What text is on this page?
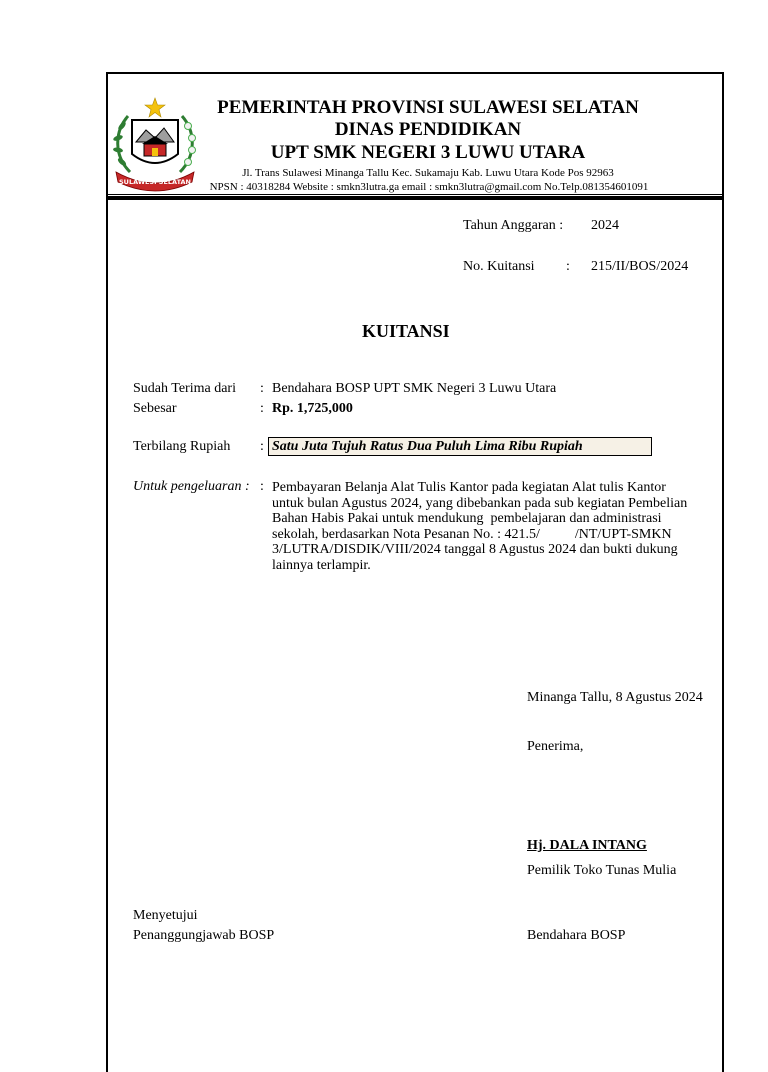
SULAWESI SELATAN
PEMERINTAH PROVINSI SULAWESI SELATAN
DINAS PENDIDIKAN
UPT SMK NEGERI 3 LUWU UTARA
Jl. Trans Sulawesi Minanga Tallu Kec. Sukamaju Kab. Luwu Utara Kode Pos 92963
NPSN : 40318284 Website : smkn3lutra.ga email : smkn3lutra@gmail.com No.Telp.081354601091
Tahun Anggaran : 2024
No. Kuitansi : 215/II/BOS/2024
KUITANSI
Sudah Terima dari : Bendahara BOSP UPT SMK Negeri 3 Luwu Utara
Sebesar	: Rp. 1,725,000
Terbilang Rupiah : Satu Juta Tujuh Ratus Dua Puluh Lima Ribu Rupiah
Untuk pengeluaran : : Pembayaran Belanja Alat Tulis Kantor pada kegiatan Alat tulis Kantor
untuk bulan Agustus 2024, yang dibebankan pada sub kegiatan Pembelian
Bahan Habis Pakai untuk mendukung  pembelajaran dan administrasi
sekolah, berdasarkan Nota Pesanan No. : 421.5/          /NT/UPT-SMKN
3/LUTRA/DISDIK/VIII/2024 tanggal 8 Agustus 2024 dan bukti dukung
lainnya terlampir.
Minanga Tallu, 8 Agustus 2024
Penerima,
Hj. DALA INTANG
Pemilik Toko Tunas Mulia
Menyetujui
Penanggungjawab BOSP	Bendahara BOSP
